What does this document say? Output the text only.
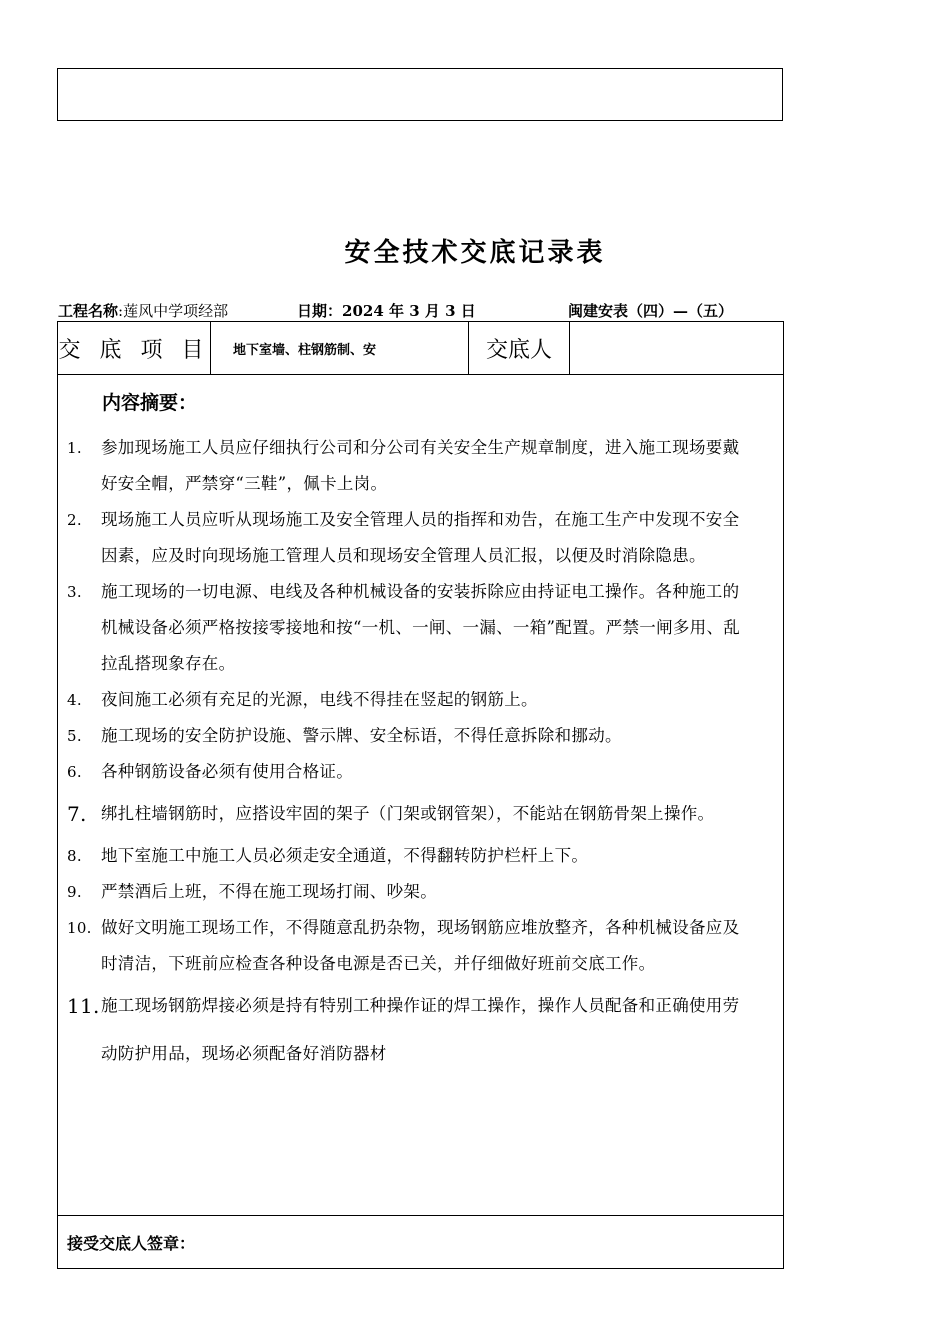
安全技术交底记录表
工程名称:莲风中学项经部	日期：2024 年 3 月 3 日	闽建安表（四）—（五）
交 底 项 目	地下室墙、柱钢筋制、安	交底人
内容摘要：
1. 参加现场施工人员应仔细执行公司和分公司有关安全生产规章制度，进入施工现场要戴好安全帽，严禁穿“三鞋”，佩卡上岗。
2. 现场施工人员应听从现场施工及安全管理人员的指挥和劝告，在施工生产中发现不安全因素，应及时向现场施工管理人员和现场安全管理人员汇报，以便及时消除隐患。
3. 施工现场的一切电源、电线及各种机械设备的安装拆除应由持证电工操作。各种施工的机械设备必须严格按接零接地和按“一机、一闸、一漏、一箱”配置。严禁一闸多用、乱拉乱搭现象存在。
4. 夜间施工必须有充足的光源，电线不得挂在竖起的钢筋上。
5. 施工现场的安全防护设施、警示牌、安全标语，不得任意拆除和挪动。
6. 各种钢筋设备必须有使用合格证。
7. 绑扎柱墙钢筋时，应搭设牢固的架子（门架或钢管架），不能站在钢筋骨架上操作。
8. 地下室施工中施工人员必须走安全通道，不得翻转防护栏杆上下。
9. 严禁酒后上班，不得在施工现场打闹、吵架。
10. 做好文明施工现场工作，不得随意乱扔杂物，现场钢筋应堆放整齐，各种机械设备应及时清洁，下班前应检查各种设备电源是否已关，并仔细做好班前交底工作。
11. 施工现场钢筋焊接必须是持有特别工种操作证的焊工操作，操作人员配备和正确使用劳动防护用品，现场必须配备好消防器材
接受交底人签章：
